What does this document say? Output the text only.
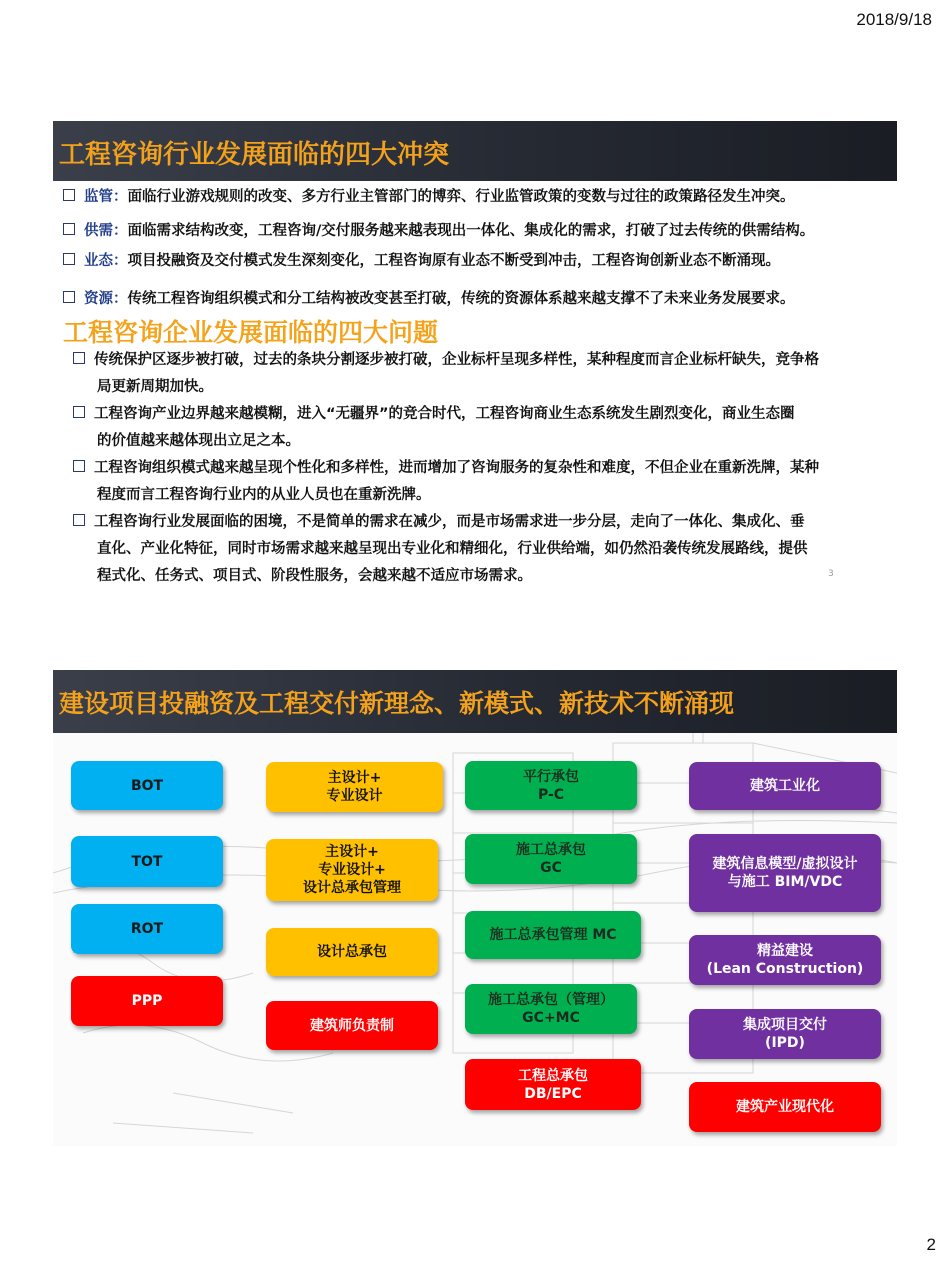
2018/9/18
工程咨询行业发展面临的四大冲突
监管：面临行业游戏规则的改变、多方行业主管部门的博弈、行业监管政策的变数与过往的政策路径发生冲突。
供需：面临需求结构改变，工程咨询/交付服务越来越表现出一体化、集成化的需求，打破了过去传统的供需结构。
业态：项目投融资及交付模式发生深刻变化，工程咨询原有业态不断受到冲击，工程咨询创新业态不断涌现。
资源：传统工程咨询组织模式和分工结构被改变甚至打破，传统的资源体系越来越支撑不了未来业务发展要求。
工程咨询企业发展面临的四大问题
传统保护区逐步被打破，过去的条块分割逐步被打破，企业标杆呈现多样性，某种程度而言企业标杆缺失，竞争格
局更新周期加快。
工程咨询产业边界越来越模糊，进入“无疆界”的竞合时代，工程咨询商业生态系统发生剧烈变化，商业生态圈
的价值越来越体现出立足之本。
工程咨询组织模式越来越呈现个性化和多样性，进而增加了咨询服务的复杂性和难度，不但企业在重新洗牌，某种
程度而言工程咨询行业内的从业人员也在重新洗牌。
工程咨询行业发展面临的困境，不是简单的需求在减少，而是市场需求进一步分层，走向了一体化、集成化、垂
直化、产业化特征，同时市场需求越来越呈现出专业化和精细化，行业供给端，如仍然沿袭传统发展路线，提供
程式化、任务式、项目式、阶段性服务，会越来越不适应市场需求。	3
建设项目投融资及工程交付新理念、新模式、新技术不断涌现
BOT
TOT
ROT
PPP
主设计+
专业设计
主设计+
专业设计+
设计总承包管理
设计总承包
建筑师负责制
平行承包
P-C
施工总承包
GC
施工总承包管理 MC
施工总承包（管理）
GC+MC
工程总承包
DB/EPC
建筑工业化
建筑信息模型/虚拟设计
与施工 BIM/VDC
精益建设
(Lean Construction)
集成项目交付
(IPD)
建筑产业现代化
2
